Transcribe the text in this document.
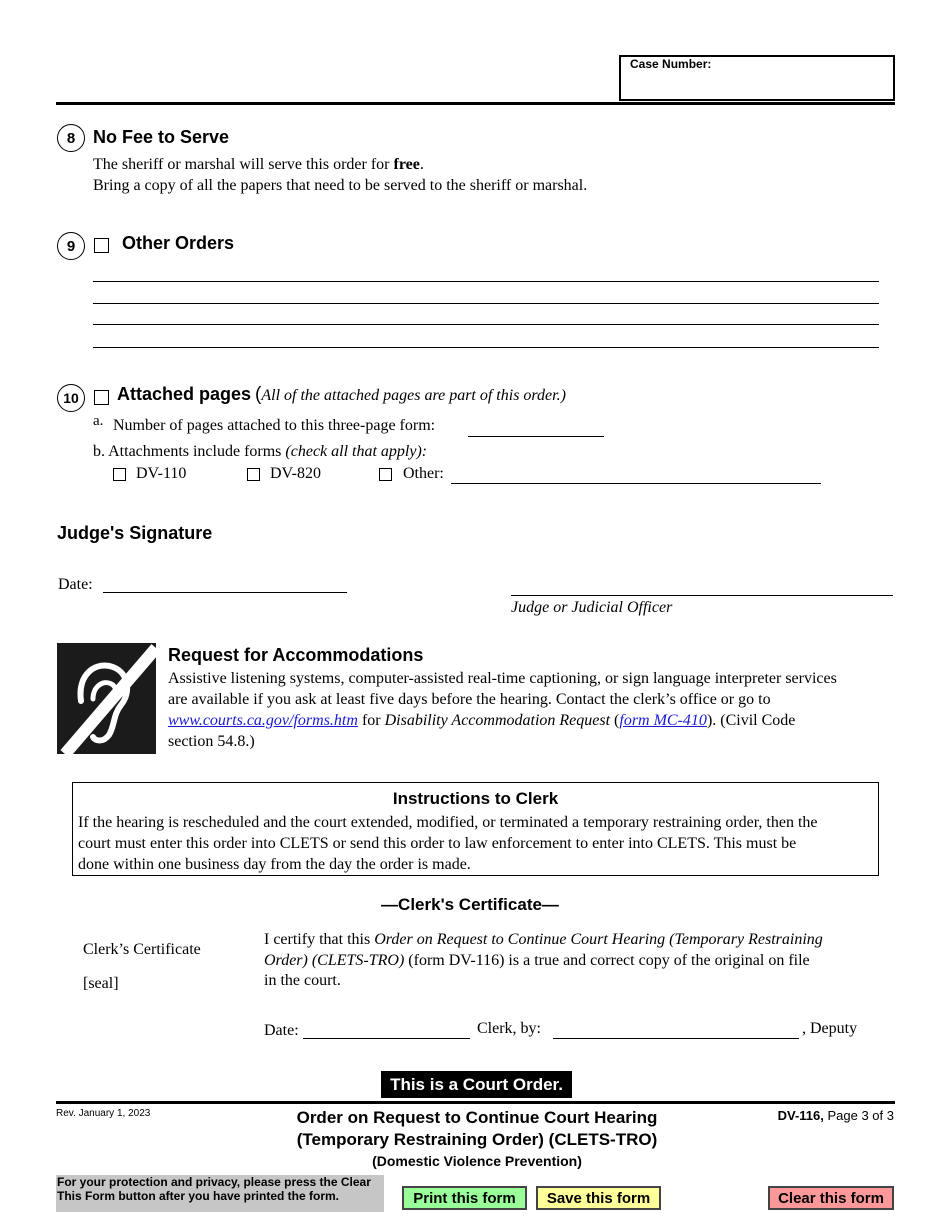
Case Number:
8 No Fee to Serve
The sheriff or marshal will serve this order for free.
Bring a copy of all the papers that need to be served to the sheriff or marshal.
9	Other Orders
10	Attached pages (All of the attached pages are part of this order.)
a. Number of pages attached to this three-page form:
b. Attachments include forms (check all that apply):
DV-110	DV-820	Other:
Judge's Signature
Date:
Judge or Judicial Officer
Request for Accommodations
Assistive listening systems, computer-assisted real-time captioning, or sign language interpreter services
are available if you ask at least five days before the hearing. Contact the clerk’s office or go to
www.courts.ca.gov/forms.htm for Disability Accommodation Request (form MC-410). (Civil Code
section 54.8.)
Instructions to Clerk
If the hearing is rescheduled and the court extended, modified, or terminated a temporary restraining order, then the
court must enter this order into CLETS or send this order to law enforcement to enter into CLETS. This must be
done within one business day from the day the order is made.
—Clerk's Certificate—
Clerk’s Certificate
[seal]
I certify that this Order on Request to Continue Court Hearing (Temporary Restraining
Order) (CLETS-TRO) (form DV-116) is a true and correct copy of the original on file
in the court.
Date:	Clerk, by:	, Deputy
This is a Court Order.
Rev. January 1, 2023	Order on Request to Continue Court Hearing
(Temporary Restraining Order) (CLETS-TRO)
(Domestic Violence Prevention)
DV-116, Page 3 of 3
For your protection and privacy, please press the Clear This Form button after you have printed the form.	Print this form	Save this form	Clear this form
